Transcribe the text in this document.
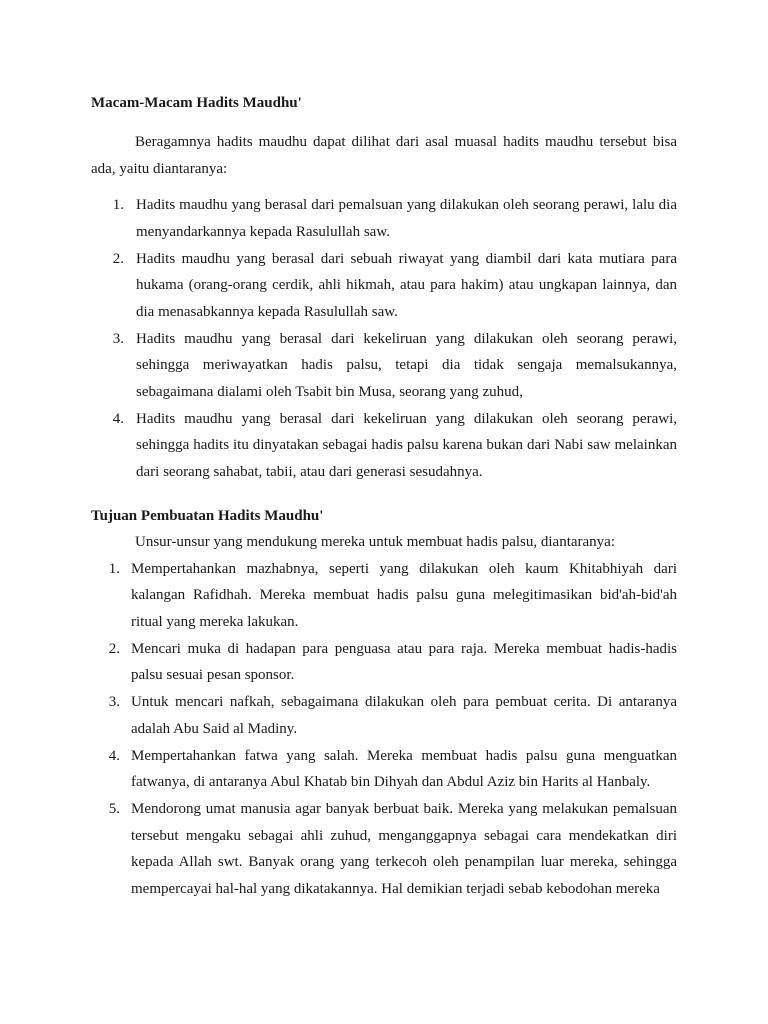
Macam-Macam Hadits Maudhu'

Beragamnya hadits maudhu dapat dilihat dari asal muasal hadits maudhu tersebut bisa ada, yaitu diantaranya:

1. Hadits maudhu yang berasal dari pemalsuan yang dilakukan oleh seorang perawi, lalu dia menyandarkannya kepada Rasulullah saw.
2. Hadits maudhu yang berasal dari sebuah riwayat yang diambil dari kata mutiara para hukama (orang-orang cerdik, ahli hikmah, atau para hakim) atau ungkapan lainnya, dan dia menasabkannya kepada Rasulullah saw.
3. Hadits maudhu yang berasal dari kekeliruan yang dilakukan oleh seorang perawi, sehingga meriwayatkan hadis palsu, tetapi dia tidak sengaja memalsukannya, sebagaimana dialami oleh Tsabit bin Musa, seorang yang zuhud,
4. Hadits maudhu yang berasal dari kekeliruan yang dilakukan oleh seorang perawi, sehingga hadits itu dinyatakan sebagai hadis palsu karena bukan dari Nabi saw melainkan dari seorang sahabat, tabii, atau dari generasi sesudahnya.

Tujuan Pembuatan Hadits Maudhu'

Unsur-unsur yang mendukung mereka untuk membuat hadis palsu, diantaranya:

1. Mempertahankan mazhabnya, seperti yang dilakukan oleh kaum Khitabhiyah dari kalangan Rafidhah. Mereka membuat hadis palsu guna melegitimasikan bid'ah-bid'ah ritual yang mereka lakukan.
2. Mencari muka di hadapan para penguasa atau para raja. Mereka membuat hadis-hadis palsu sesuai pesan sponsor.
3. Untuk mencari nafkah, sebagaimana dilakukan oleh para pembuat cerita. Di antaranya adalah Abu Said al Madiny.
4. Mempertahankan fatwa yang salah. Mereka membuat hadis palsu guna menguatkan fatwanya, di antaranya Abul Khatab bin Dihyah dan Abdul Aziz bin Harits al Hanbaly.
5. Mendorong umat manusia agar banyak berbuat baik. Mereka yang melakukan pemalsuan tersebut mengaku sebagai ahli zuhud, menganggapnya sebagai cara mendekatkan diri kepada Allah swt. Banyak orang yang terkecoh oleh penampilan luar mereka, sehingga mempercayai hal-hal yang dikatakannya. Hal demikian terjadi sebab kebodohan mereka
